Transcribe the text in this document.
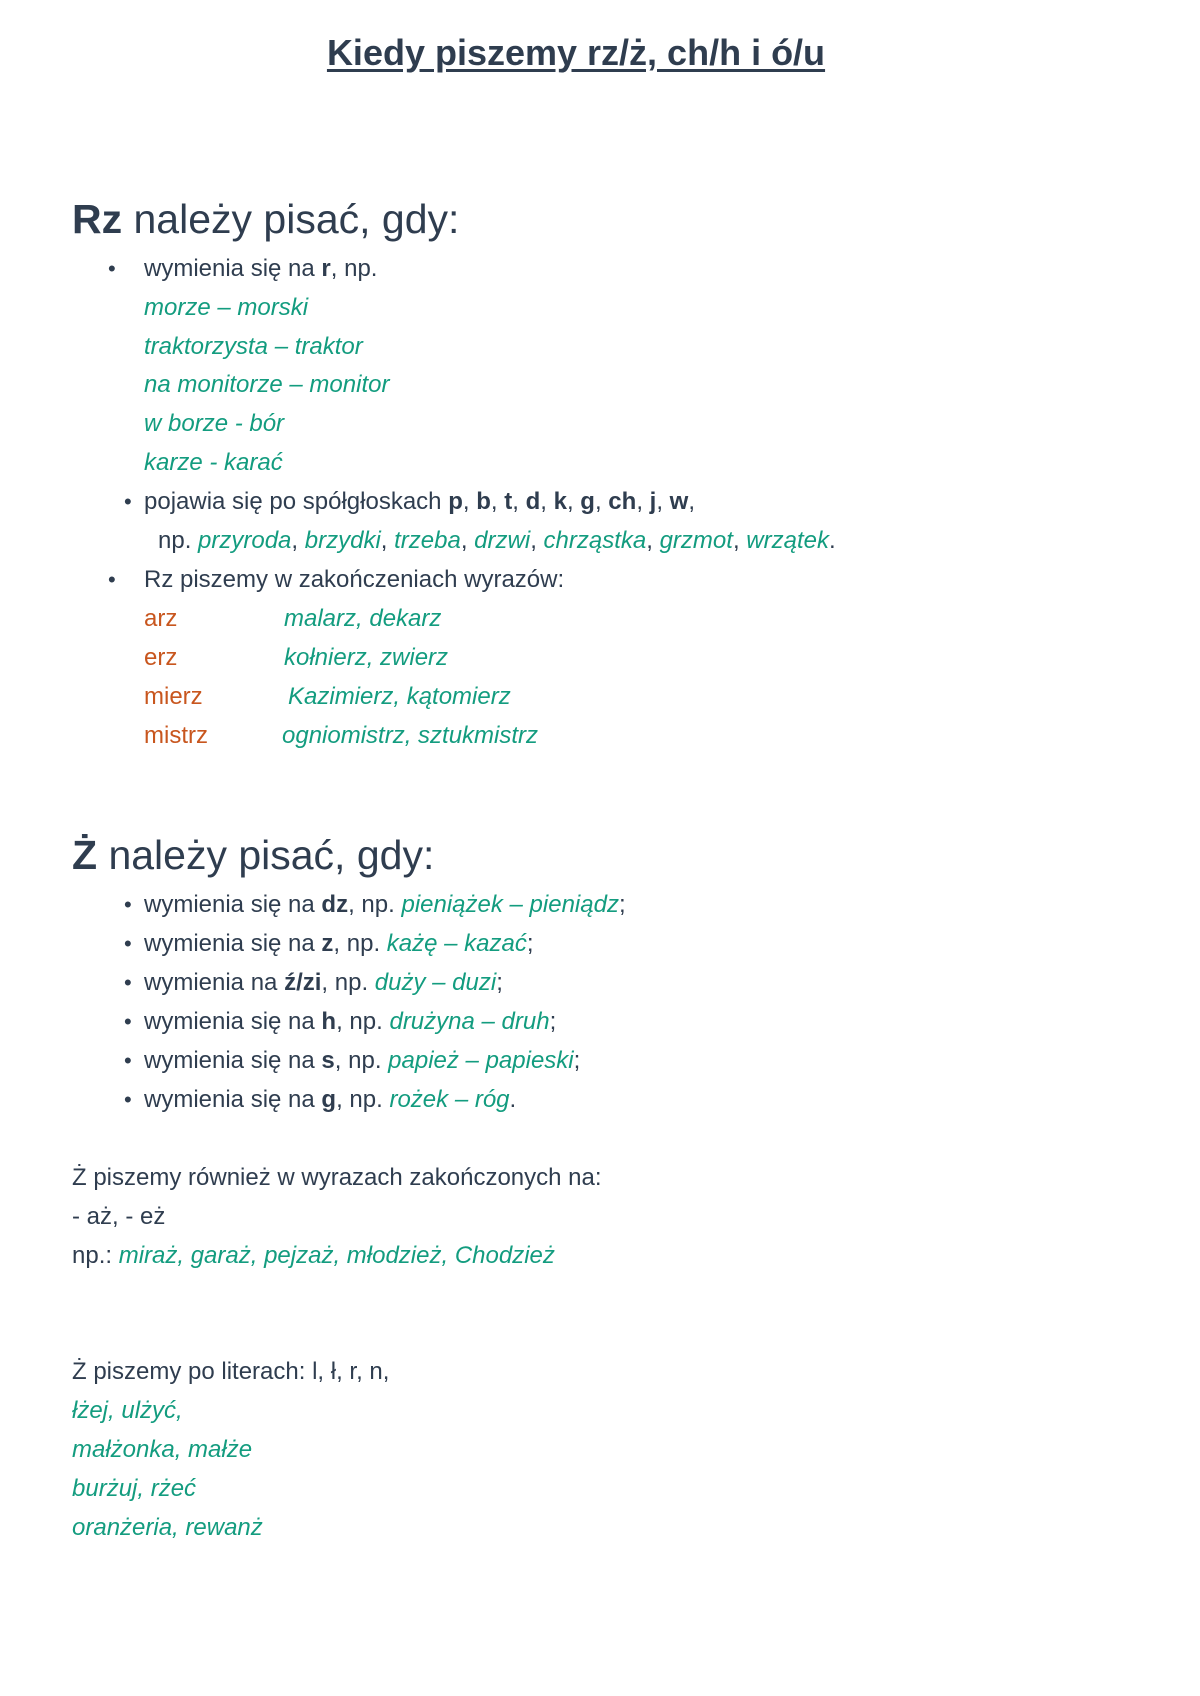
Kiedy piszemy rz/ż, ch/h i ó/u
Rz należy pisać, gdy:
• wymienia się na r, np.
morze – morski
traktorzysta – traktor
na monitorze – monitor
w borze - bór
karze - karać
• pojawia się po spółgłoskach p, b, t, d, k, g, ch, j, w,
np. przyroda, brzydki, trzeba, drzwi, chrząstka, grzmot, wrzątek.
• Rz piszemy w zakończeniach wyrazów:
arz	malarz, dekarz
erz	kołnierz, zwierz
mierz	Kazimierz, kątomierz
mistrz	ogniomistrz, sztukmistrz
Ż należy pisać, gdy:
• wymienia się na dz, np. pieniążek – pieniądz;
• wymienia się na z, np. każę – kazać;
• wymienia na ź/zi, np. duży – duzi;
• wymienia się na h, np. drużyna – druh;
• wymienia się na s, np. papież – papieski;
• wymienia się na g, np. rożek – róg.
Ż piszemy również w wyrazach zakończonych na:
- aż, - eż
np.: miraż, garaż, pejzaż, młodzież, Chodzież
Ż piszemy po literach: l, ł, r, n,
łżej, ulżyć,
małżonka, małże
burżuj, rżeć
oranżeria, rewanż
